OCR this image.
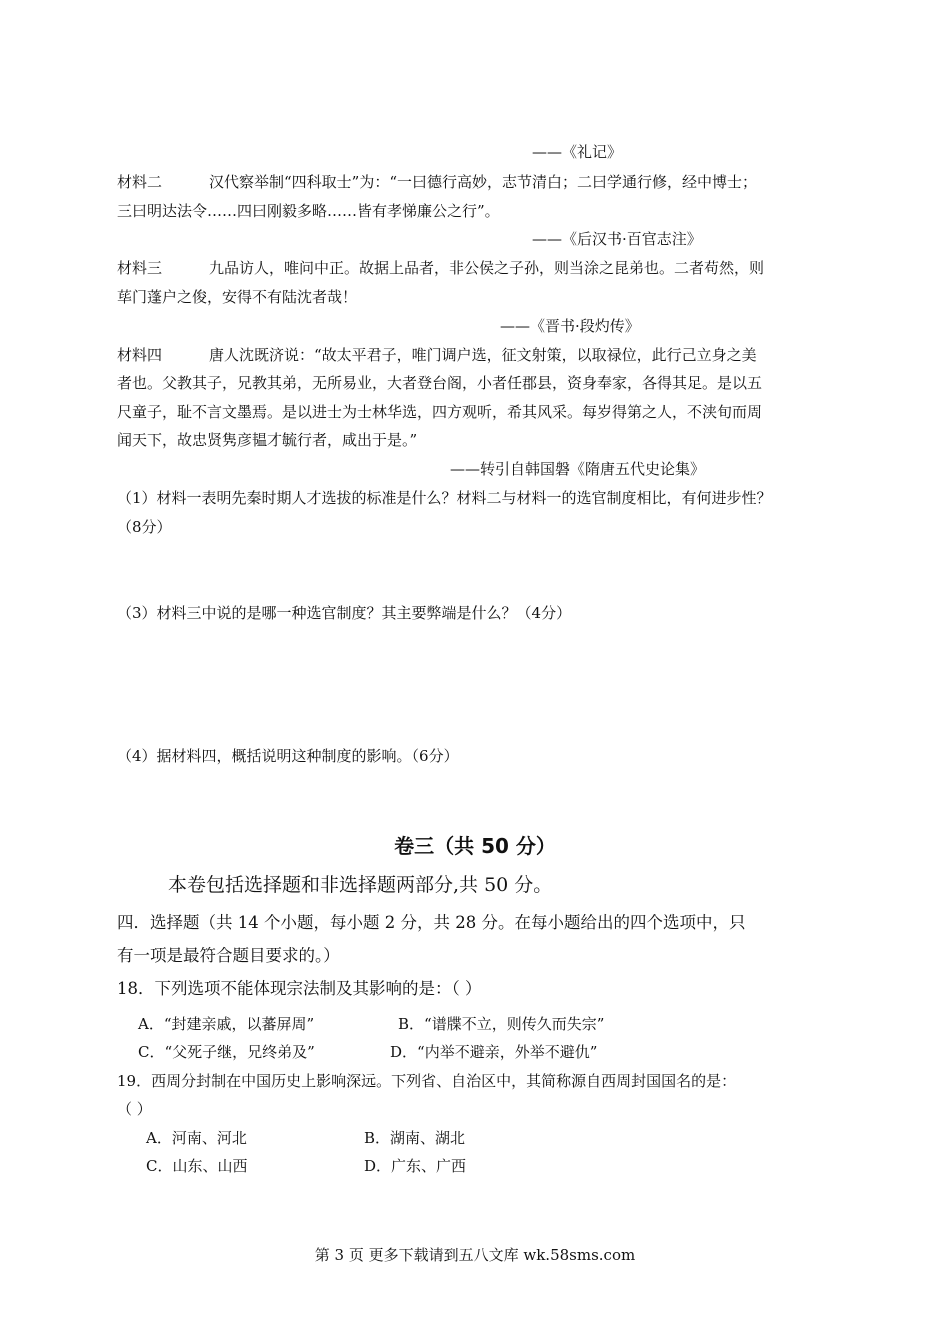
——《礼记》
材料二	汉代察举制“四科取士”为：“一曰德行高妙，志节清白；二曰学通行修，经中博士；
三曰明达法令……四曰刚毅多略……皆有孝悌廉公之行”。
——《后汉书·百官志注》
材料三	九品访人，唯问中正。故据上品者，非公侯之子孙，则当涂之昆弟也。二者苟然，则
荜门蓬户之俊，安得不有陆沈者哉！
——《晋书·段灼传》
材料四	唐人沈既济说：“故太平君子，唯门调户选，征文射策，以取禄位，此行己立身之美
者也。父教其子，兄教其弟，无所易业，大者登台阁，小者任郡县，资身奉家，各得其足。是以五
尺童子，耻不言文墨焉。是以进士为士林华选，四方观听，希其风采。每岁得第之人，不浃旬而周
闻天下，故忠贤隽彦韫才毓行者，咸出于是。”
——转引自韩国磐《隋唐五代史论集》
（1）材料一表明先秦时期人才选拔的标准是什么？材料二与材料一的选官制度相比，有何进步性？
（8分）
（3）材料三中说的是哪一种选官制度？其主要弊端是什么？（4分）
（4）据材料四，概括说明这种制度的影响。（6分）
卷三（共 50 分）
本卷包括选择题和非选择题两部分,共 50 分。
四．选择题（共 14 个小题，每小题 2 分，共 28 分。在每小题给出的四个选项中，只
有一项是最符合题目要求的。）
18．下列选项不能体现宗法制及其影响的是：（ ）
A．“封建亲戚，以蕃屏周”	B．“谱牒不立，则传久而失宗”
C．“父死子继，兄终弟及”	D．“内举不避亲，外举不避仇”
19．西周分封制在中国历史上影响深远。下列省、自治区中，其简称源自西周封国国名的是：
（ ）
A．河南、河北	B．湖南、湖北
C．山东、山西	D．广东、广西
第 3 页 更多下载请到五八文库 wk.58sms.com
